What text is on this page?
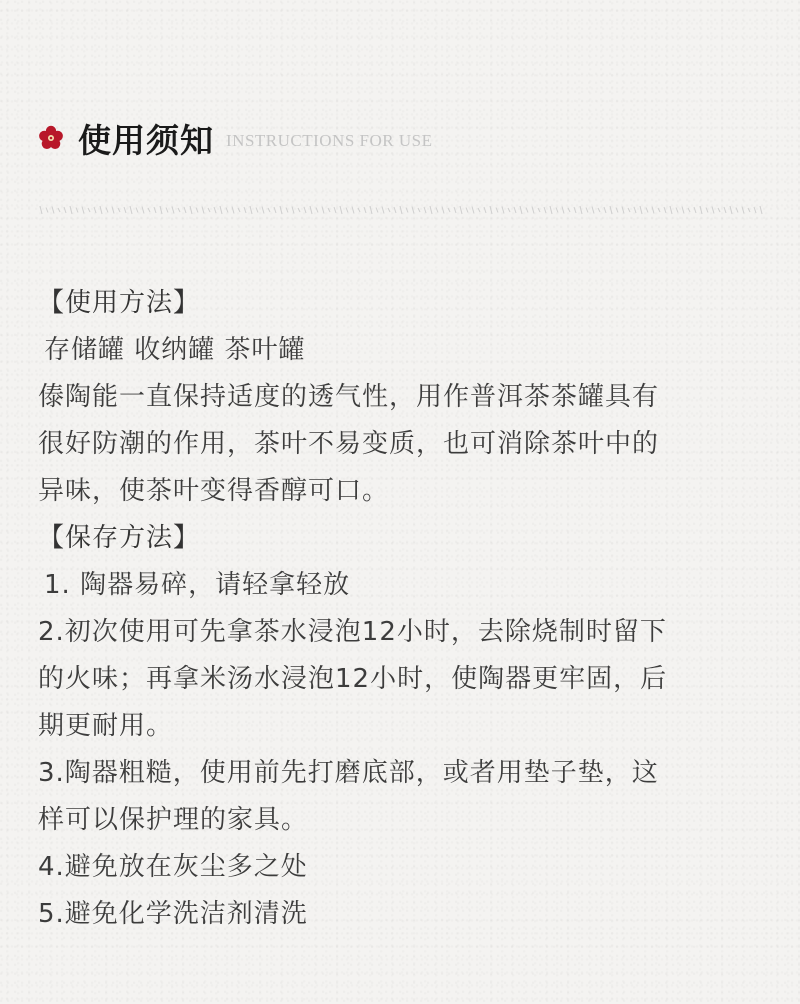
使用须知 INSTRUCTIONS FOR USE
【使用方法】
存储罐 收纳罐 茶叶罐
傣陶能一直保持适度的透气性，用作普洱茶茶罐具有
很好防潮的作用，茶叶不易变质，也可消除茶叶中的
异味，使茶叶变得香醇可口。
【保存方法】
1. 陶器易碎，请轻拿轻放
2.初次使用可先拿茶水浸泡12小时，去除烧制时留下
的火味；再拿米汤水浸泡12小时，使陶器更牢固，后
期更耐用。
3.陶器粗糙，使用前先打磨底部，或者用垫子垫，这
样可以保护理的家具。
4.避免放在灰尘多之处
5.避免化学洗洁剂清洗
